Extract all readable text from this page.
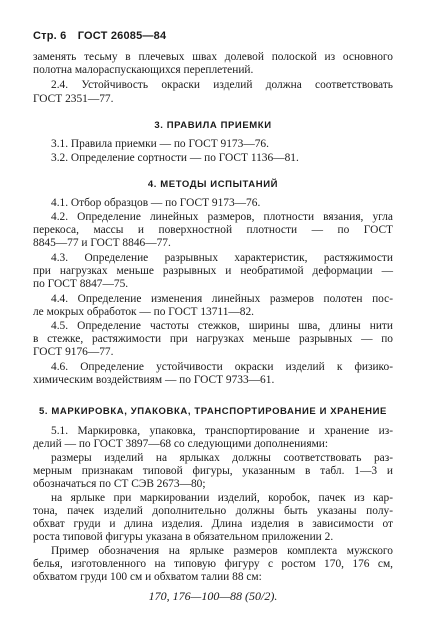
Стр. 6 ГОСТ 26085—84
заменять тесьму в плечевых швах долевой полоской из основного
полотна малораспускающихся переплетений.
2.4. Устойчивость окраски изделий должна соответствовать
ГОСТ 2351—77.
3. ПРАВИЛА ПРИЕМКИ
3.1. Правила приемки — по ГОСТ 9173—76.
3.2. Определение сортности — по ГОСТ 1136—81.
4. МЕТОДЫ ИСПЫТАНИЙ
4.1. Отбор образцов — по ГОСТ 9173—76.
4.2. Определение линейных размеров, плотности вязания, угла
перекоса, массы и поверхностной плотности — по ГОСТ
8845—77 и ГОСТ 8846—77.
4.3. Определение разрывных характеристик, растяжимости
при нагрузках меньше разрывных и необратимой деформации —
по ГОСТ 8847—75.
4.4. Определение изменения линейных размеров полотен пос-
ле мокрых обработок — по ГОСТ 13711—82.
4.5. Определение частоты стежков, ширины шва, длины нити
в стежке, растяжимости при нагрузках меньше разрывных — по
ГОСТ 9176—77.
4.6. Определение устойчивости окраски изделий к физико-
химическим воздействиям — по ГОСТ 9733—61.
5. МАРКИРОВКА, УПАКОВКА, ТРАНСПОРТИРОВАНИЕ И ХРАНЕНИЕ
5.1. Маркировка, упаковка, транспортирование и хранение из-
делий — по ГОСТ 3897—68 со следующими дополнениями:
размеры изделий на ярлыках должны соответствовать раз-
мерным признакам типовой фигуры, указанным в табл. 1—3 и
обозначаться по СТ СЭВ 2673—80;
на ярлыке при маркировании изделий, коробок, пачек из кар-
тона, пачек изделий дополнительно должны быть указаны полу-
обхват груди и длина изделия. Длина изделия в зависимости от
роста типовой фигуры указана в обязательном приложении 2.
Пример обозначения на ярлыке размеров комплекта мужского
белья, изготовленного на типовую фигуру с ростом 170, 176 см,
обхватом груди 100 см и обхватом талии 88 см:
170, 176—100—88 (50/2).
